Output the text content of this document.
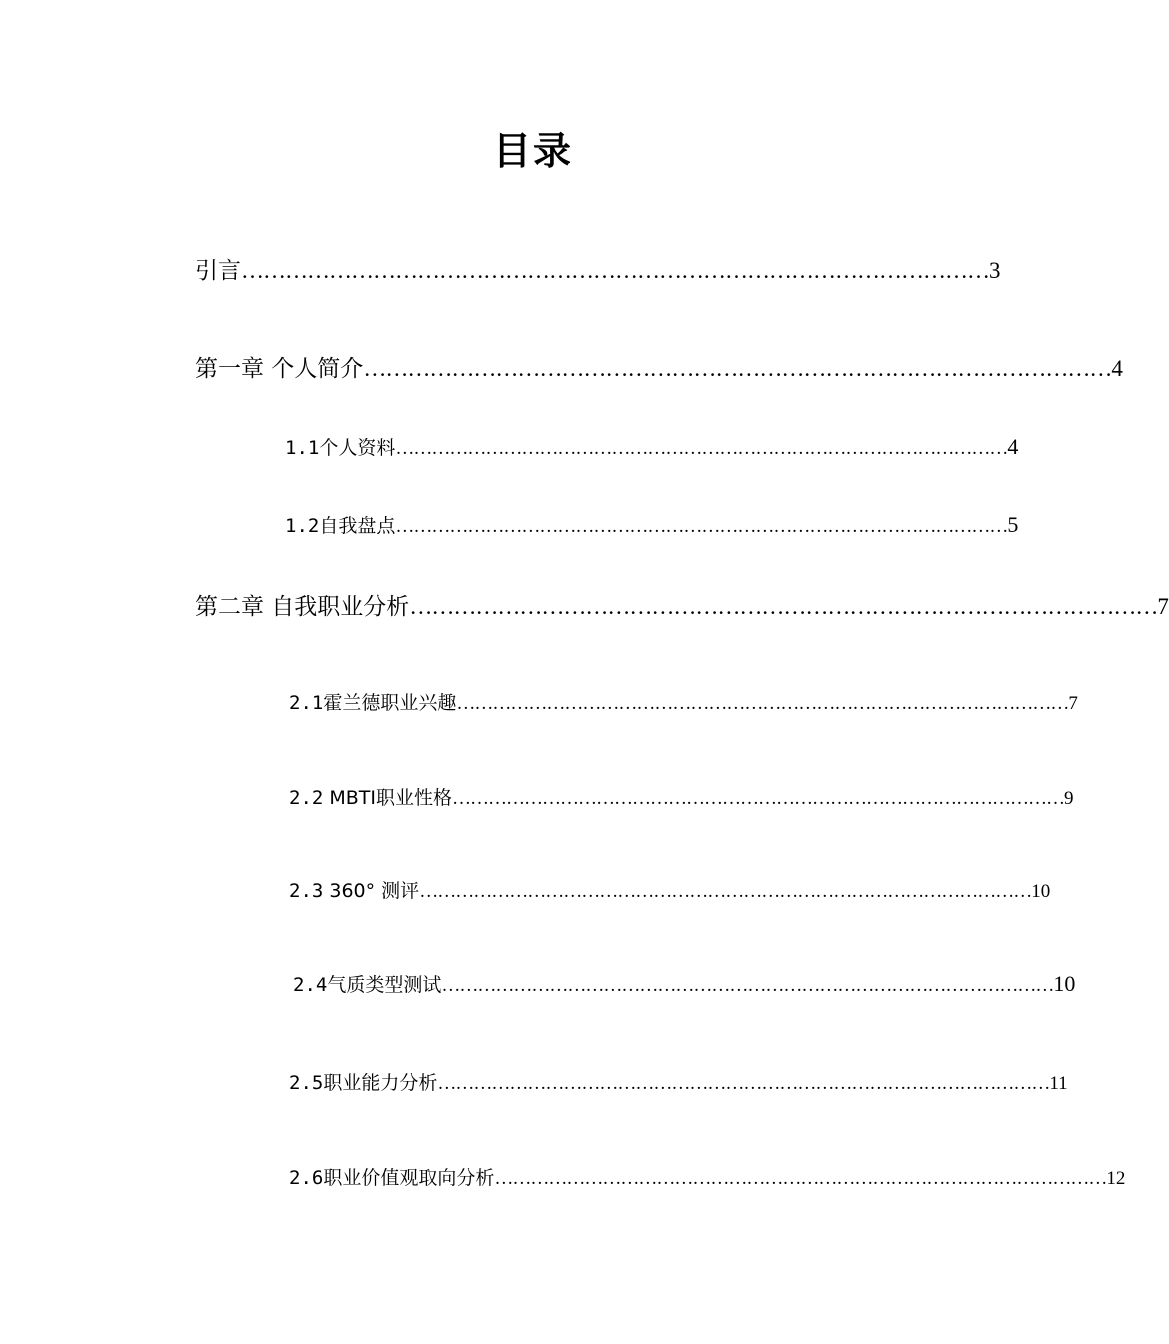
目录
引言 ………………………………………………………………………………………… 3
第一章 个人简介 ………………………………………………………………………………………… 4
1.1个人资料 ………………………………………………………………………………………… 4
1.2自我盘点 ………………………………………………………………………………………… 5
第二章 自我职业分析 ………………………………………………………………………………………… 7
2.1霍兰德职业兴趣 ………………………………………………………………………………………… 7
2.2 MBTI职业性格 ………………………………………………………………………………………… 9
2.3 360° 测评 ………………………………………………………………………………………… 10
2.4气质类型测试 ………………………………………………………………………………………… 10
2.5职业能力分析 ………………………………………………………………………………………… 11
2.6职业价值观取向分析 ………………………………………………………………………………………… 12
